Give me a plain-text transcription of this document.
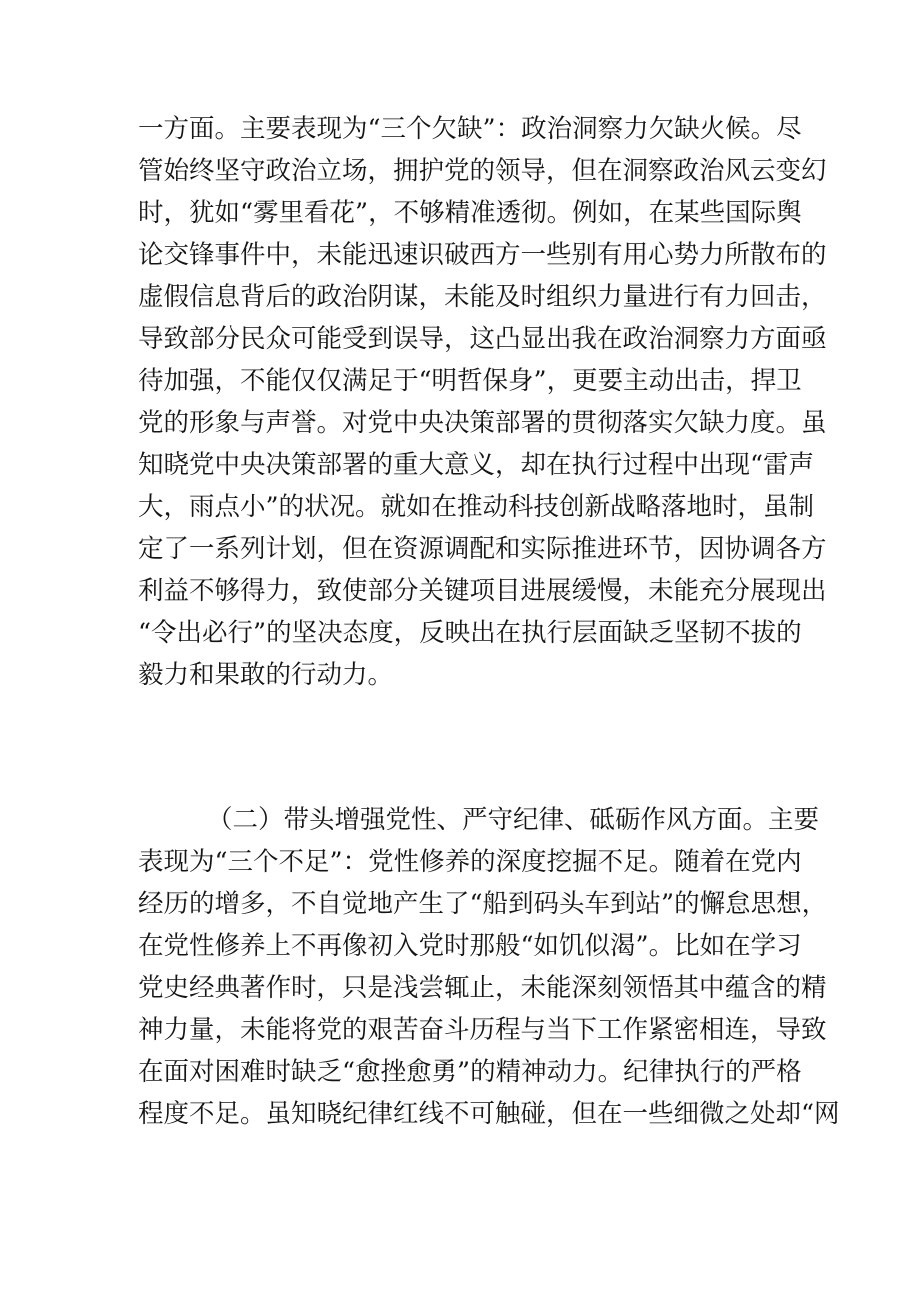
一方面。主要表现为“三个欠缺”：政治洞察力欠缺火候。尽
管始终坚守政治立场，拥护党的领导，但在洞察政治风云变幻
时，犹如“雾里看花”，不够精准透彻。例如，在某些国际舆
论交锋事件中，未能迅速识破西方一些别有用心势力所散布的
虚假信息背后的政治阴谋，未能及时组织力量进行有力回击，
导致部分民众可能受到误导，这凸显出我在政治洞察力方面亟
待加强，不能仅仅满足于“明哲保身”，更要主动出击，捍卫
党的形象与声誉。对党中央决策部署的贯彻落实欠缺力度。虽
知晓党中央决策部署的重大意义，却在执行过程中出现“雷声
大，雨点小”的状况。就如在推动科技创新战略落地时，虽制
定了一系列计划，但在资源调配和实际推进环节，因协调各方
利益不够得力，致使部分关键项目进展缓慢，未能充分展现出
“令出必行”的坚决态度，反映出在执行层面缺乏坚韧不拔的
毅力和果敢的行动力。
（二）带头增强党性、严守纪律、砥砺作风方面。主要
表现为“三个不足”：党性修养的深度挖掘不足。随着在党内
经历的增多，不自觉地产生了“船到码头车到站”的懈怠思想，
在党性修养上不再像初入党时那般“如饥似渴”。比如在学习
党史经典著作时，只是浅尝辄止，未能深刻领悟其中蕴含的精
神力量，未能将党的艰苦奋斗历程与当下工作紧密相连，导致
在面对困难时缺乏“愈挫愈勇”的精神动力。纪律执行的严格
程度不足。虽知晓纪律红线不可触碰，但在一些细微之处却“网
